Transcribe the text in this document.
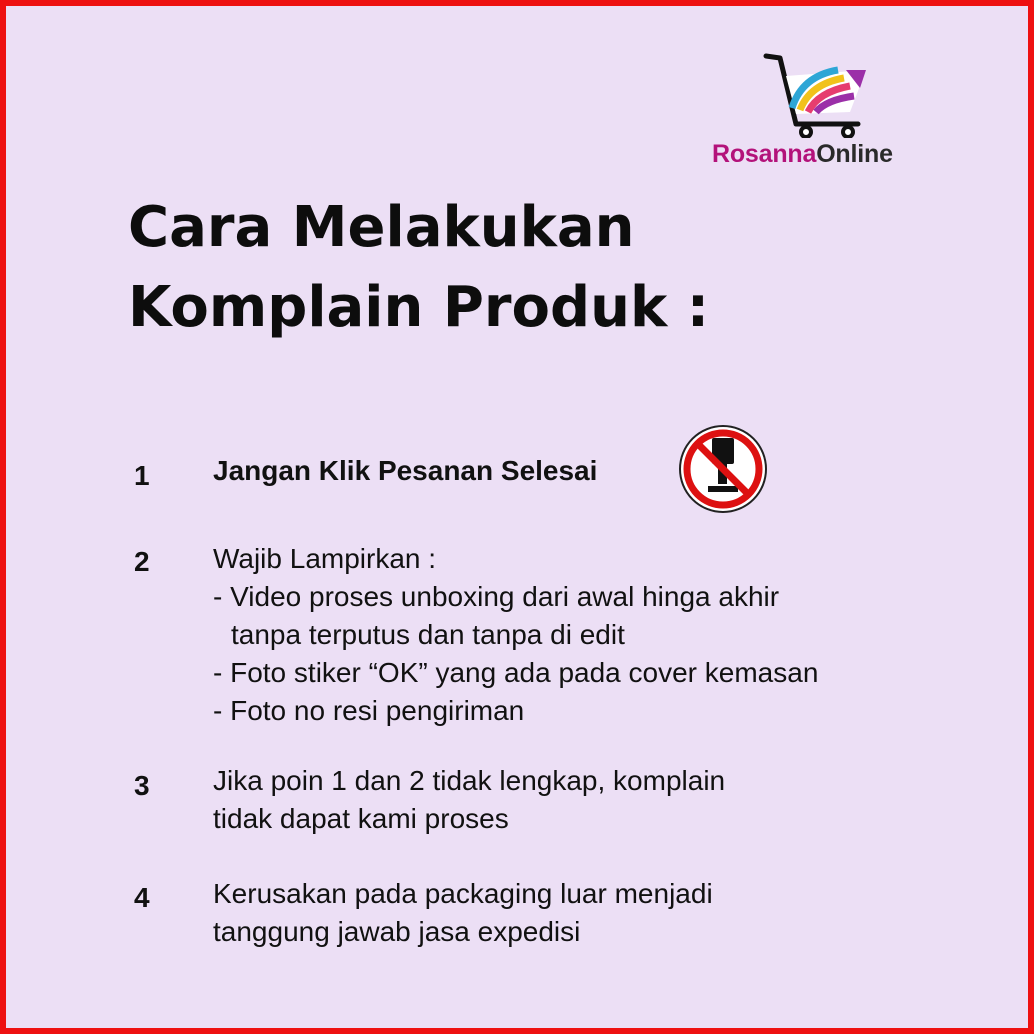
RosannaOnline
Cara Melakukan
Komplain Produk :
1 Jangan Klik Pesanan Selesai
2 Wajib Lampirkan :
- Video proses unboxing dari awal hinga akhir
tanpa terputus dan tanpa di edit
- Foto stiker “OK” yang ada pada cover kemasan
- Foto no resi pengiriman
3 Jika poin 1 dan 2 tidak lengkap, komplain
tidak dapat kami proses
4 Kerusakan pada packaging luar menjadi
tanggung jawab jasa expedisi
